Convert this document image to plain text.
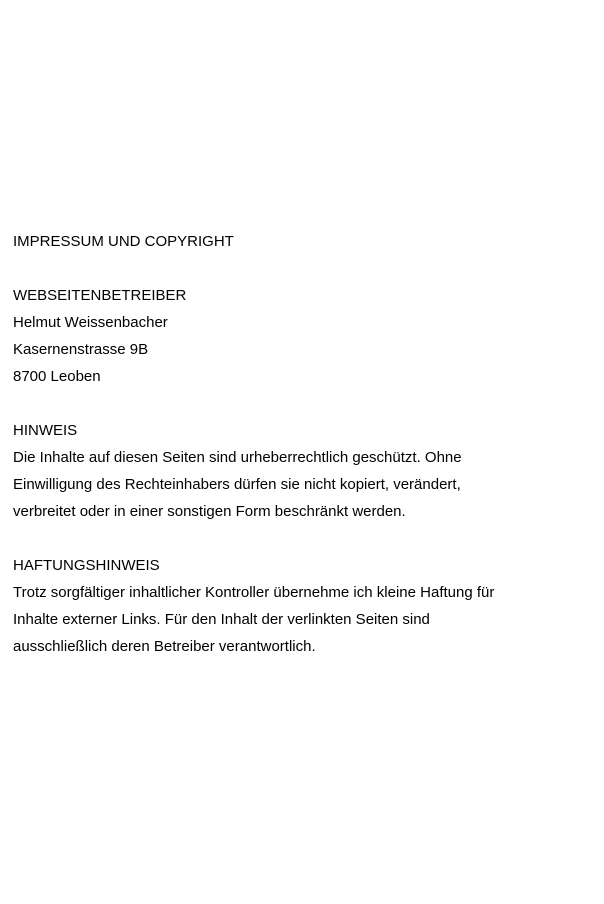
IMPRESSUM UND COPYRIGHT
WEBSEITENBETREIBER
Helmut Weissenbacher
Kasernenstrasse 9B
8700 Leoben
HINWEIS
Die Inhalte auf diesen Seiten sind urheberrechtlich geschützt. Ohne
Einwilligung des Rechteinhabers dürfen sie nicht kopiert, verändert,
verbreitet oder in einer sonstigen Form beschränkt werden.
HAFTUNGSHINWEIS
Trotz sorgfältiger inhaltlicher Kontroller übernehme ich kleine Haftung für
Inhalte externer Links. Für den Inhalt der verlinkten Seiten sind
ausschließlich deren Betreiber verantwortlich.
